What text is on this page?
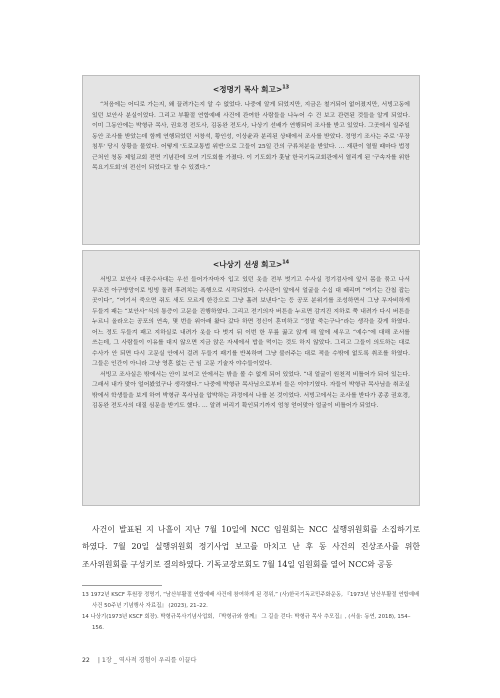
<정명기 목사 회고>$^{13}$

“처음에는 어디로 가는지, 왜 끌려가는지 알 수 없었다. 나중에 알게 되었지만, 지금은 철거되어 없어졌지만, 서빙고동에 있던 보안사 분실이었다. 그리고 부활절 연합예배 사건에 관여한 사람들을 나누어 수 건 보고 관련된 것들을 알게 되었다. 이미 그동안에는 박형규 목사, 권호경 전도사, 김동완 전도사, 나상기 선배가 연행되어 조사를 받고 있었다. 그곳에서 일주일 동안 조사를 받았는데 함께 연행되었던 서창석, 황인성, 이상윤과 분리된 상태에서 조사를 받았다. 정명기 조사는 주로 '무장 침투' 당시 상황을 물었다. 어떻게 '도로교통법 위반'으로 그들이 25일 간의 구류처분을 받았다. … 재판이 열릴 때마다 법정 근처인 청동 제일교회 전면 기념관에 모여 기도회를 가졌다. 이 기도회가 훗날 한국기독교회관에서 열리게 된 '구속자를 위한 목요기도회'의 전신이 되었다고 할 수 있겠다.”

<나상기 선생 회고>$^{14}$

서빙고 보안사 대공수사대는 우선 들어가자마자 입고 있던 옷을 전부 벗기고 수사실 정기검사에 앞서 몸을 묶고 나서 무조건 아구방망이로 빙빙 돌려 후려치는 폭행으로 시작되었다. 수사관이 앞에서 얼굴을 수십 대 때리며 “여기는 간첩 잡는 곳이다”, “여기서 죽으면 쥐도 새도 모르게 한강으로 그냥 흘려 보낸다”는 등 공포 분위기를 조성하면서 그냥 무자비하게 두들겨 패는 “보안사”식의 통증이 고문을 진행하였다. 그리고 전기의자 버튼을 누르면 감겨진 지하로 쭉 내려가 다시 버튼을 누르니 올라오는 공포의 연속, 몇 번을 위아래 왔다 갔다 하면 정신이 혼미하고 “정말 죽는구나”라는 생각을 갖게 하였다. 어느 정도 두들겨 패고 지하실로 내려가 옷을 다 벗겨 뒤 이번 한 무릎 꿇고 앉게 해 앞에 세우고 “예수”에 대해 조서를 쓰는데, 그 사람들이 이유를 대지 않으면 지금 앉은 자세에서 밥을 먹이는 것도 하지 않았다. 그리고 그들이 의도하는 대로 수사가 안 되면 다시 고문실 안에서 걸려 두들겨 패기를 반복하며 그냥 불러주는 대로 적을 수밖에 없도록 취조를 하였다. 그들은 인간이 아니라 그냥 영혼 없는 근 임 고문 기술자 야수들이었다.

서빙고 조사실은 밖에서는 안이 보이고 안에서는 밖을 볼 수 없게 되어 있었다. “내 얼굴이 원천적 비틀어가 되어 있는다. 그래서 내가 맞아 얼어봤었구나 생각했다.” 나중에 박형규 목사님으로부터 들은 이야기였다. 자들이 박형규 목사님을 취조실 밖에서 학생들을 보게 하여 박형규 목사님을 압박하는 과정에서 나를 본 것이었다. 서빙고에서는 조사를 받다가 종종 권호경, 김동완 전도사의 대질 심문을 받기도 했다. … 알려 버리기 확인되기까지 엄청 얻어맞아 얼굴이 비틀어가 되었다.

사건이 발표된 지 나흘이 지난 7월 10일에 NCC 임원회는 NCC 실행위원회를 소집하기로 하였다. 7월 20일 실행위원회 정기사업 보고를 마치고 난 후 동 사건의 진상조사를 위한 조사위원회를 구성키로 결의하였다. 기독교장로회도 7월 14일 임원회를 열어 NCC와 공동

13 1972년 KSCF 후원장 정명기, “남산부활절 연합예배 사건에 참여하게 된 경위,” (사)한국기독교민주화운동, 『1973년 남산부활절 연합예배 사건 50주년 기념행사 자료집』 (2023), 21–22.

14 나상기(1973년 KSCF 회장). 박형규목사기념사업회, 『박형규와 함께』 그 길을 걷다: 박형규 목사 추모집』, (서울: 동연, 2018), 154–156.

22 | 1장 _ 역사적 경험이 우리를 이끌다
